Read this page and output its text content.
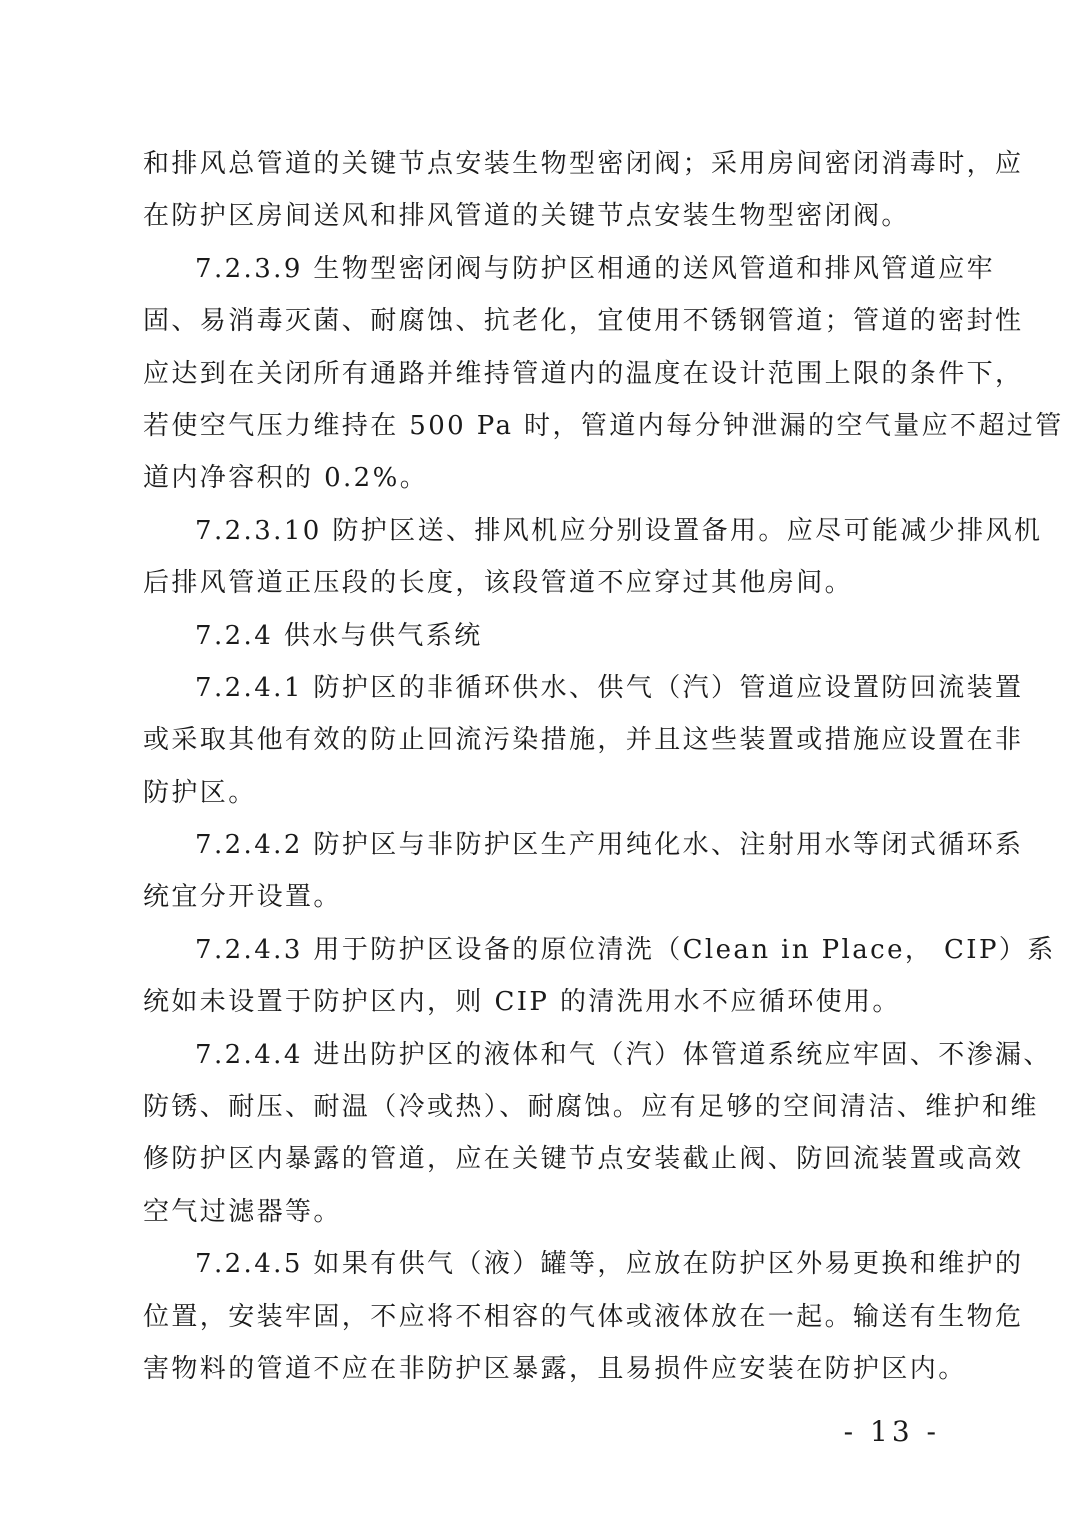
和排风总管道的关键节点安装生物型密闭阀；采用房间密闭消毒时，应
在防护区房间送风和排风管道的关键节点安装生物型密闭阀。
7.2.3.9 生物型密闭阀与防护区相通的送风管道和排风管道应牢
固、易消毒灭菌、耐腐蚀、抗老化，宜使用不锈钢管道；管道的密封性
应达到在关闭所有通路并维持管道内的温度在设计范围上限的条件下，
若使空气压力维持在 500 Pa 时，管道内每分钟泄漏的空气量应不超过管
道内净容积的 0.2%。
7.2.3.10 防护区送、排风机应分别设置备用。应尽可能减少排风机
后排风管道正压段的长度，该段管道不应穿过其他房间。
7.2.4 供水与供气系统
7.2.4.1 防护区的非循环供水、供气（汽）管道应设置防回流装置
或采取其他有效的防止回流污染措施，并且这些装置或措施应设置在非
防护区。
7.2.4.2 防护区与非防护区生产用纯化水、注射用水等闭式循环系
统宜分开设置。
7.2.4.3 用于防护区设备的原位清洗（Clean in Place， CIP）系
统如未设置于防护区内，则 CIP 的清洗用水不应循环使用。
7.2.4.4 进出防护区的液体和气（汽）体管道系统应牢固、不渗漏、
防锈、耐压、耐温（冷或热）、耐腐蚀。应有足够的空间清洁、维护和维
修防护区内暴露的管道，应在关键节点安装截止阀、防回流装置或高效
空气过滤器等。
7.2.4.5 如果有供气（液）罐等，应放在防护区外易更换和维护的
位置，安装牢固，不应将不相容的气体或液体放在一起。输送有生物危
害物料的管道不应在非防护区暴露，且易损件应安装在防护区内。
- 13 -
